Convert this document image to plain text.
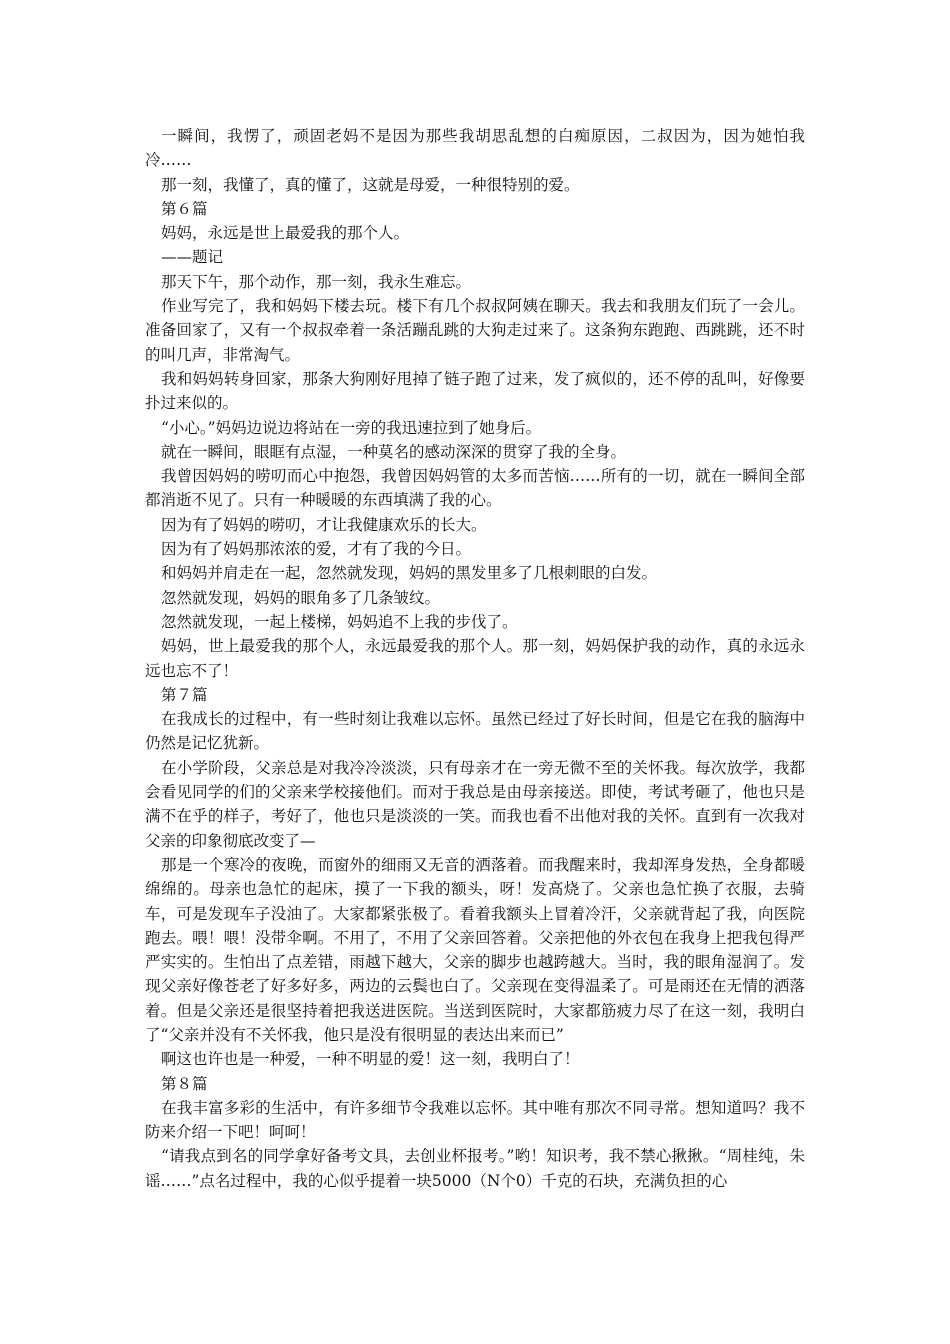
一瞬间，我愣了，顽固老妈不是因为那些我胡思乱想的白痴原因，二叔因为，因为她怕我冷……

那一刻，我懂了，真的懂了，这就是母爱，一种很特别的爱。

第６篇

妈妈，永远是世上最爱我的那个人。

——题记

那天下午，那个动作，那一刻，我永生难忘。

作业写完了，我和妈妈下楼去玩。楼下有几个叔叔阿姨在聊天。我去和我朋友们玩了一会儿。准备回家了，又有一个叔叔牵着一条活蹦乱跳的大狗走过来了。这条狗东跑跑、西跳跳，还不时的叫几声，非常淘气。

我和妈妈转身回家，那条大狗刚好甩掉了链子跑了过来，发了疯似的，还不停的乱叫，好像要扑过来似的。

“小心。”妈妈边说边将站在一旁的我迅速拉到了她身后。

就在一瞬间，眼眶有点湿，一种莫名的感动深深的贯穿了我的全身。

我曾因妈妈的唠叨而心中抱怨，我曾因妈妈管的太多而苦恼……所有的一切，就在一瞬间全部都消逝不见了。只有一种暖暖的东西填满了我的心。

因为有了妈妈的唠叨，才让我健康欢乐的长大。

因为有了妈妈那浓浓的爱，才有了我的今日。

和妈妈并肩走在一起，忽然就发现，妈妈的黑发里多了几根刺眼的白发。

忽然就发现，妈妈的眼角多了几条皱纹。

忽然就发现，一起上楼梯，妈妈追不上我的步伐了。

妈妈，世上最爱我的那个人，永远最爱我的那个人。那一刻，妈妈保护我的动作，真的永远永远也忘不了！

第７篇

在我成长的过程中，有一些时刻让我难以忘怀。虽然已经过了好长时间，但是它在我的脑海中仍然是记忆犹新。

在小学阶段，父亲总是对我冷冷淡淡，只有母亲才在一旁无微不至的关怀我。每次放学，我都会看见同学的们的父亲来学校接他们。而对于我总是由母亲接送。即使，考试考砸了，他也只是满不在乎的样子，考好了，他也只是淡淡的一笑。而我也看不出他对我的关怀。直到有一次我对父亲的印象彻底改变了—

那是一个寒冷的夜晚，而窗外的细雨又无音的洒落着。而我醒来时，我却浑身发热，全身都暖绵绵的。母亲也急忙的起床，摸了一下我的额头，呀！发高烧了。父亲也急忙换了衣服，去骑车，可是发现车子没油了。大家都紧张极了。看着我额头上冒着冷汗，父亲就背起了我，向医院跑去。喂！喂！没带伞啊。不用了，不用了父亲回答着。父亲把他的外衣包在我身上把我包得严严实实的。生怕出了点差错，雨越下越大，父亲的脚步也越跨越大。当时，我的眼角湿润了。发现父亲好像苍老了好多好多，两边的云鬓也白了。父亲现在变得温柔了。可是雨还在无情的洒落着。但是父亲还是很坚持着把我送进医院。当送到医院时，大家都筋疲力尽了在这一刻，我明白了“父亲并没有不关怀我，他只是没有很明显的表达出来而已”

啊这也许也是一种爱，一种不明显的爱！这一刻，我明白了！

第８篇

在我丰富多彩的生活中，有许多细节令我难以忘怀。其中唯有那次不同寻常。想知道吗？我不防来介绍一下吧！呵呵！

“请我点到名的同学拿好备考文具，去创业杯报考。”哟！知识考，我不禁心揪揪。“周桂纯，朱谣……”点名过程中，我的心似乎提着一块5000（N个0）千克的石块，充满负担的心
